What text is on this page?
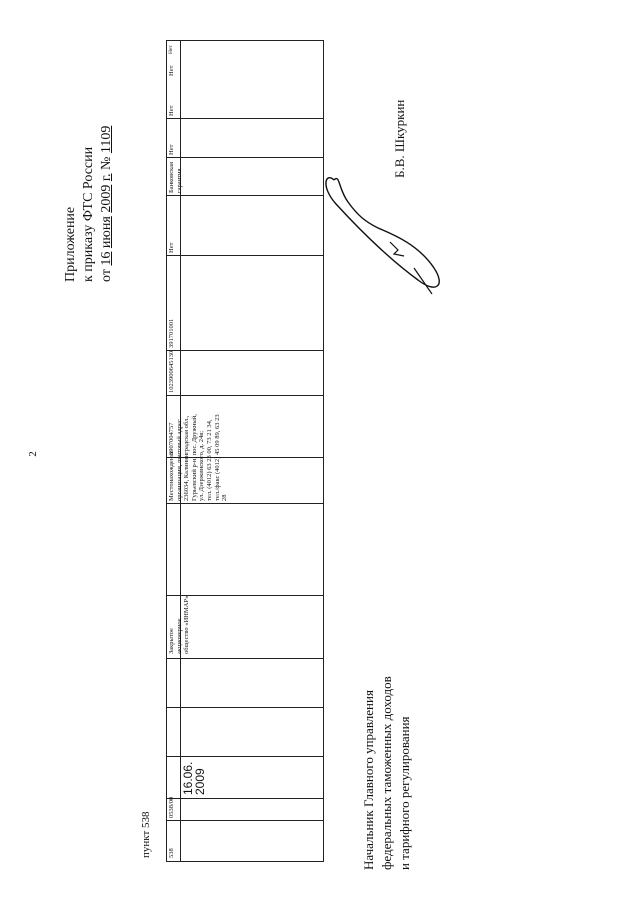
2
пункт 538
Приложение к приказу ФТС России от 16 июня 2009 г. № 1109
538
0538/00
16.06.
2009
Закрытое акционерное общество «ИНМАР»
Местонахождение организации, почтовый адрес 236034, Калининградская обл., Гурьевский р-н, пос. Дружный, ул. Дзержинского, д. 24в; тел. (4012) 63 23 00, 73 21 34, тел./факс (4012) 45 09 89, 63 23 28
3907004757
1023900645130
391701001
Нет
Банковская гарантия
Нет
Нет
Нет
Нет
Начальник Главного управления федеральных таможенных доходов и тарифного регулирования
Б.В. Шкуркин
